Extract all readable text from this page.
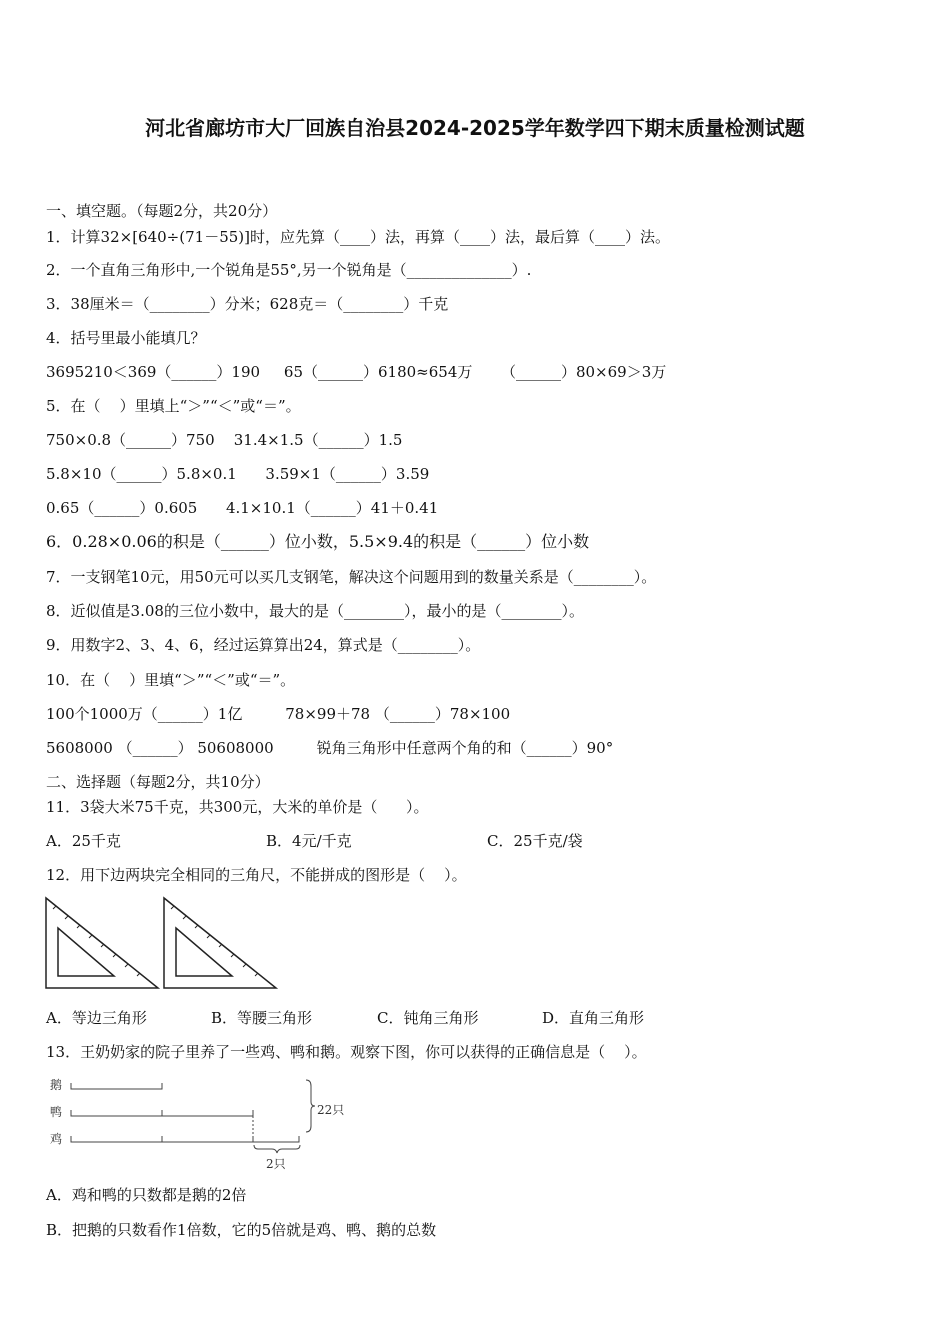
河北省廊坊市大厂回族自治县2024-2025学年数学四下期末质量检测试题
一、填空题。（每题2分，共20分）
1．计算32×[640÷(71－55)]时，应先算（____）法，再算（____）法，最后算（____）法。
2．一个直角三角形中,一个锐角是55°,另一个锐角是（______________）.
3．38厘米＝（________）分米；628克＝（________）千克
4．括号里最小能填几？
3695210＜369（______）190     65（______）6180≈654万      （______）80×69＞3万
5．在（    ）里填上“＞”“＜”或“＝”。
750×0.8（______）750    31.4×1.5（______）1.5
5.8×10（______）5.8×0.1      3.59×1（______）3.59
0.65（______）0.605      4.1×10.1（______）41＋0.41
6．0.28×0.06的积是（______）位小数，5.5×9.4的积是（______）位小数
7．一支钢笔10元，用50元可以买几支钢笔，解决这个问题用到的数量关系是（________）。
8．近似值是3.08的三位小数中，最大的是（________），最小的是（________）。
9．用数字2、3、4、6，经过运算算出24，算式是（________）。
10．在（    ）里填“＞”“＜”或“＝”。
100个1000万（______）1亿         78×99＋78 （______）78×100
5608000 （______） 50608000         锐角三角形中任意两个角的和（______）90°
二、选择题（每题2分，共10分）
11．3袋大米75千克，共300元，大米的单价是（      ）。
A．25千克	B．4元/千克	C．25千克/袋
12．用下边两块完全相同的三角尺，不能拼成的图形是（    ）。
A．等边三角形	B．等腰三角形	C．钝角三角形	D．直角三角形
13．王奶奶家的院子里养了一些鸡、鸭和鹅。观察下图，你可以获得的正确信息是（    ）。
鹅
鸭
鸡
22只
2只
A．鸡和鸭的只数都是鹅的2倍
B．把鹅的只数看作1倍数，它的5倍就是鸡、鸭、鹅的总数
